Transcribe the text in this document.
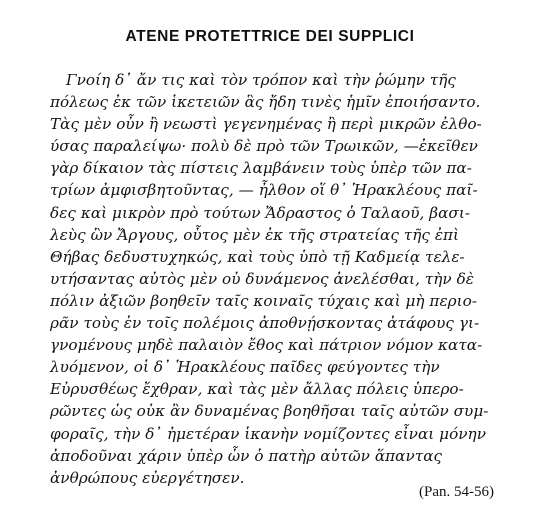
ATENE PROTETTRICE DEI SUPPLICI
Γνοίη δ᾽ ἄν τις καὶ τὸν τρόπον καὶ τὴν ῥώμην τῆς
πόλεως ἐκ τῶν ἱκετειῶν ἃς ἤδη τινὲς ἡμῖν ἐποιήσαντο.
Τὰς μὲν οὖν ἢ νεωστὶ γεγενημένας ἢ περὶ μικρῶν ἐλθο-
ύσας παραλείψω· πολὺ δὲ πρὸ τῶν Τρωικῶν, —ἐκεῖθεν
γὰρ δίκαιον τὰς πίστεις λαμβάνειν τοὺς ὑπὲρ τῶν πα-
τρίων ἀμφισβητοῦντας, — ἦλθον οἵ θ᾽ Ἡρακλέους παῖ-
δες καὶ μικρὸν πρὸ τούτων Ἄδραστος ὁ Ταλαοῦ, βασι-
λεὺς ὢν Ἄργους, οὗτος μὲν ἐκ τῆς στρατείας τῆς ἐπὶ
Θήβας δεδυστυχηκώς, καὶ τοὺς ὑπὸ τῇ Καδμείᾳ τελε-
υτήσαντας αὐτὸς μὲν οὐ δυνάμενος ἀνελέσθαι, τὴν δὲ
πόλιν ἀξιῶν βοηθεῖν ταῖς κοιναῖς τύχαις καὶ μὴ περιο-
ρᾶν τοὺς ἐν τοῖς πολέμοις ἀποθνῄσκοντας ἀτάφους γι-
γνομένους μηδὲ παλαιὸν ἔθος καὶ πάτριον νόμον κατα-
λυόμενον, οἱ δ᾽ Ἡρακλέους παῖδες φεύγοντες τὴν
Εὐρυσθέως ἔχθραν, καὶ τὰς μὲν ἄλλας πόλεις ὑπερο-
ρῶντες ὡς οὐκ ἂν δυναμένας βοηθῆσαι ταῖς αὐτῶν συμ-
φοραῖς, τὴν δ᾽ ἡμετέραν ἱκανὴν νομίζοντες εἶναι μόνην
ἀποδοῦναι χάριν ὑπὲρ ὧν ὁ πατὴρ αὐτῶν ἅπαντας
ἀνθρώπους εὐεργέτησεν.
(Pan. 54-56)
